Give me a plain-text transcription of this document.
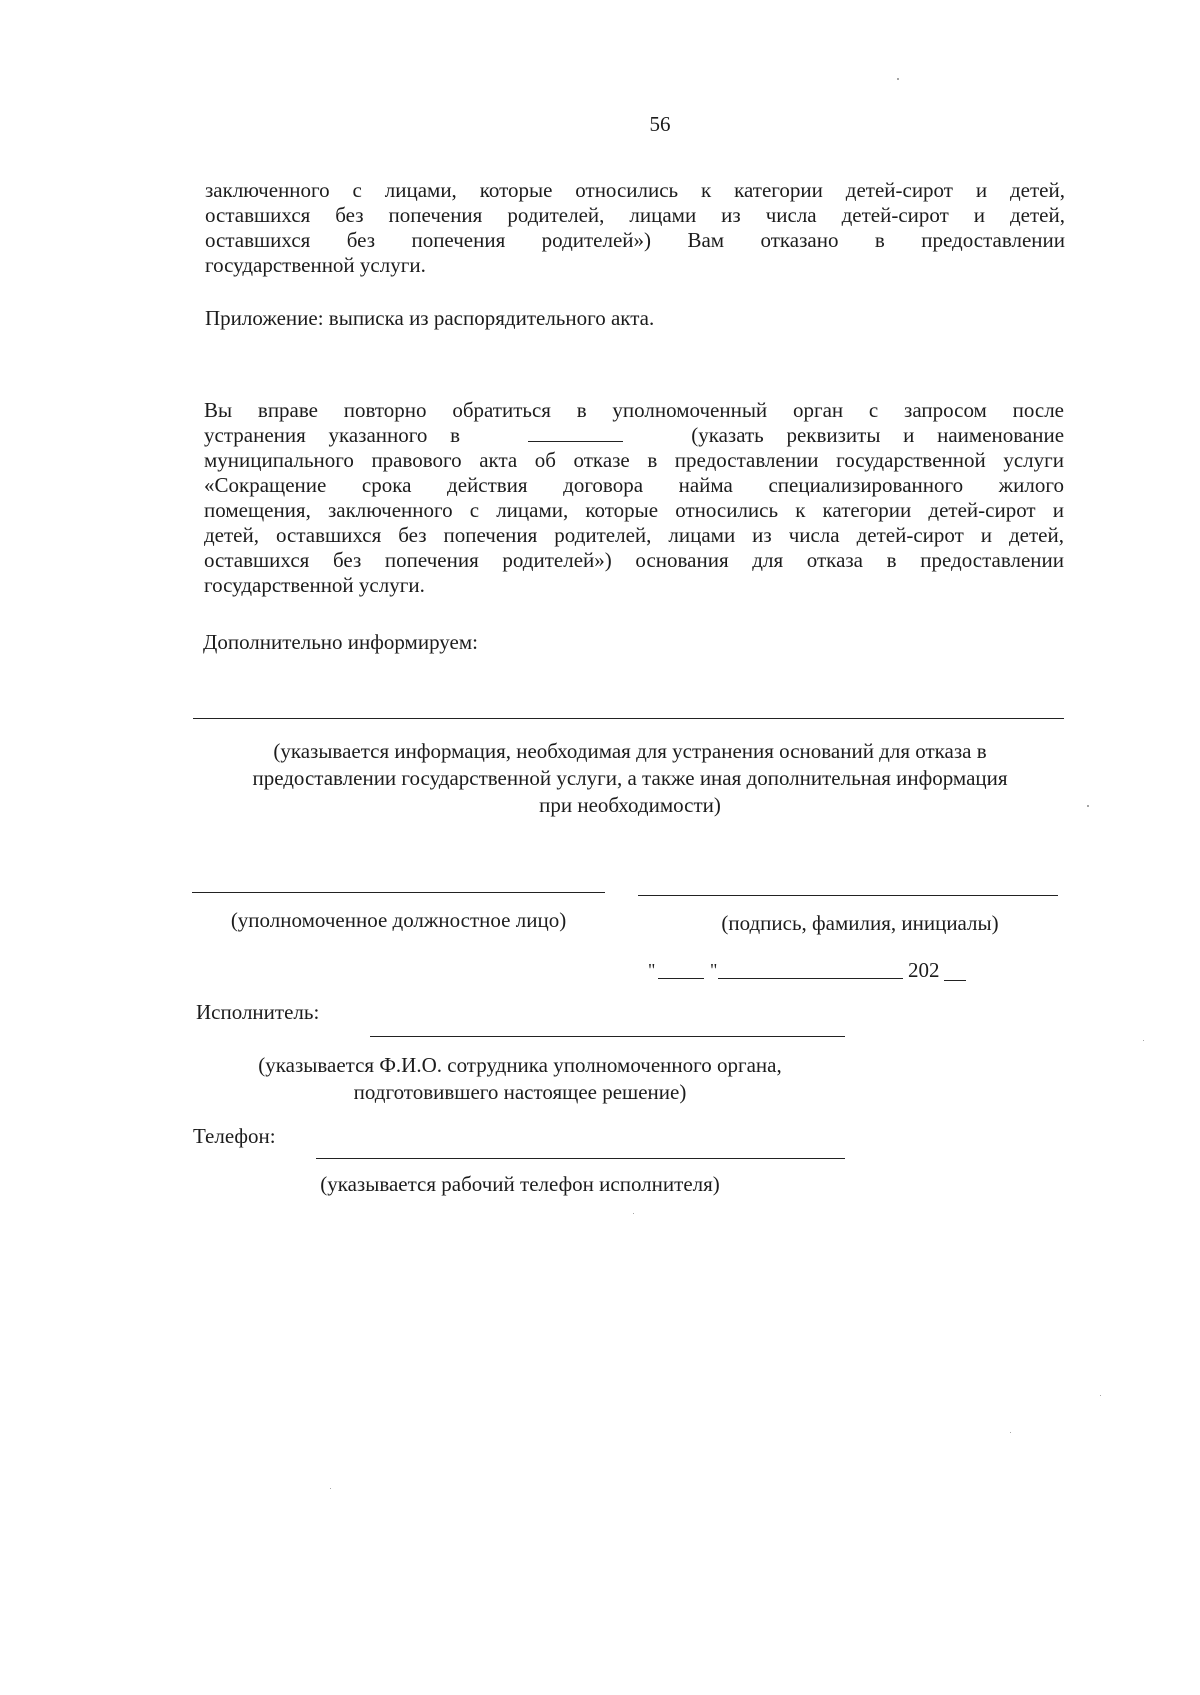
56
заключенного с лицами, которые относились к категории детей-сирот и детей,
оставшихся без попечения родителей, лицами из числа детей-сирот и детей,
оставшихся без попечения родителей») Вам отказано в предоставлении
государственной услуги.
Приложение: выписка из распорядительного акта.
Вы вправе повторно обратиться в уполномоченный орган с запросом после
устранения указанного в	(указать реквизиты и наименование
муниципального правового акта об отказе в предоставлении государственной услуги
«Сокращение срока действия договора найма специализированного жилого
помещения, заключенного с лицами, которые относились к категории детей-сирот и
детей, оставшихся без попечения родителей, лицами из числа детей-сирот и детей,
оставшихся без попечения родителей») основания для отказа в предоставлении
государственной услуги.
Дополнительно информируем:
(указывается информация, необходимая для устранения оснований для отказа в
предоставлении государственной услуги, а также иная дополнительная информация
при необходимости)
(уполномоченное должностное лицо)	(подпись, фамилия, инициалы)
"	"	202
Исполнитель:
(указывается Ф.И.О. сотрудника уполномоченного органа,
подготовившего настоящее решение)
Телефон:
(указывается рабочий телефон исполнителя)
